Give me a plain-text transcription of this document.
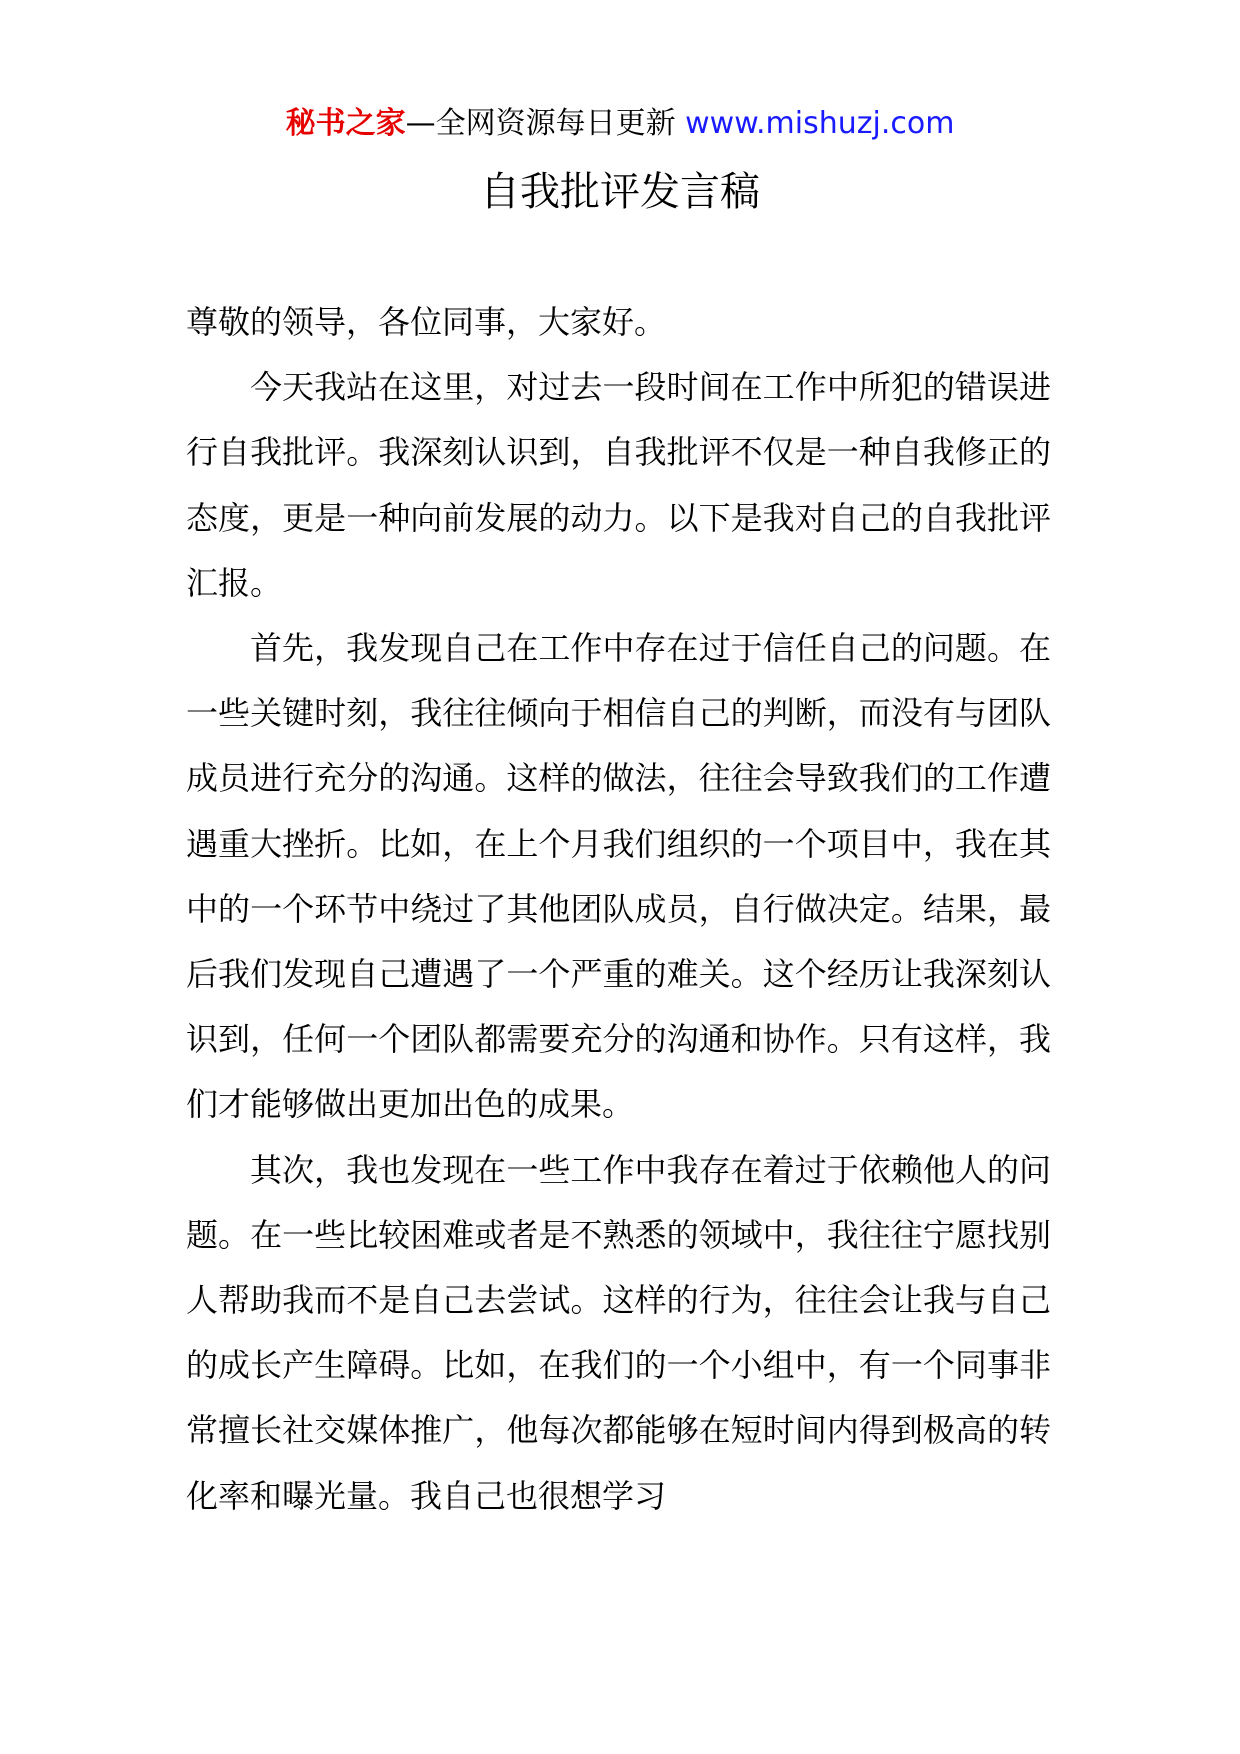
秘书之家—全网资源每日更新 www.mishuzj.com
自我批评发言稿

尊敬的领导，各位同事，大家好。

今天我站在这里，对过去一段时间在工作中所犯的错误进行自我批评。我深刻认识到，自我批评不仅是一种自我修正的态度，更是一种向前发展的动力。以下是我对自己的自我批评汇报。

首先，我发现自己在工作中存在过于信任自己的问题。在一些关键时刻，我往往倾向于相信自己的判断，而没有与团队成员进行充分的沟通。这样的做法，往往会导致我们的工作遭遇重大挫折。比如，在上个月我们组织的一个项目中，我在其中的一个环节中绕过了其他团队成员，自行做决定。结果，最后我们发现自己遭遇了一个严重的难关。这个经历让我深刻认识到，任何一个团队都需要充分的沟通和协作。只有这样，我们才能够做出更加出色的成果。

其次，我也发现在一些工作中我存在着过于依赖他人的问题。在一些比较困难或者是不熟悉的领域中，我往往宁愿找别人帮助我而不是自己去尝试。这样的行为，往往会让我与自己的成长产生障碍。比如，在我们的一个小组中，有一个同事非常擅长社交媒体推广，他每次都能够在短时间内得到极高的转化率和曝光量。我自己也很想学习
